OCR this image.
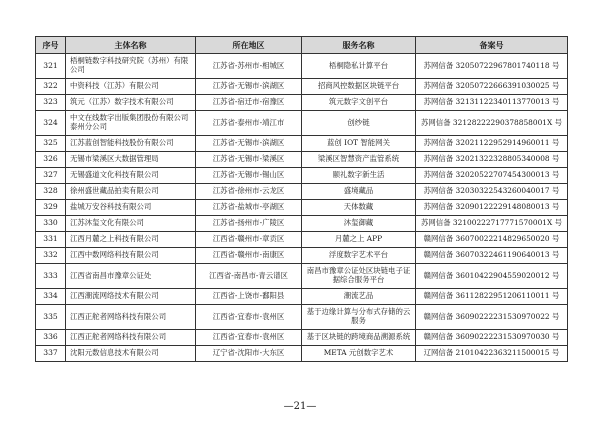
序号	主体名称	所在地区	服务名称	备案号
321	梧桐链数字科技研究院（苏州）有限公司	江苏省-苏州市-相城区	梧桐隐私计算平台	苏网信备 32050722967801740118 号
322	中资科技（江苏）有限公司	江苏省-无锡市-滨湖区	招商风控数据区块链平台	苏网信备 32050722666391030025 号
323	筑元（江苏）数字技术有限公司	江苏省-宿迁市-宿豫区	筑元数字文创平台	苏网信备 32131122340113770013 号
324	中文在线数字出版集团股份有限公司泰州分公司	江苏省-泰州市-靖江市	创纱链	苏网信备 32128222290378858001X 号
325	江苏蓝创智能科技股份有限公司	江苏省-无锡市-滨湖区	蓝创 IOT 智能网关	苏网信备 32021122952914960011 号
326	无锡市梁溪区大数据管理局	江苏省-无锡市-梁溪区	梁溪区智慧资产监管系统	苏网信备 32021322328805340008 号
327	无锡盛道文化科技有限公司	江苏省-无锡市-锡山区	颐礼数字新生活	苏网信备 32020522707454300013 号
328	徐州盛世藏品拍卖有限公司	江苏省-徐州市-云龙区	盛境藏品	苏网信备 32030322543260040017 号
329	盐城万安谷科技有限公司	江苏省-盐城市-亭湖区	天体数藏	苏网信备 32090122229148080013 号
330	江苏沐玺文化有限公司	江苏省-扬州市-广陵区	沐玺御藏	苏网信备 32100222717771570001X 号
331	江西月麓之上科技有限公司	江西省-赣州市-章贡区	月麓之上 APP	赣网信备 36070022214829650020 号
332	江西中数网络科技有限公司	江西省-赣州市-南康区	浮度数字艺术平台	赣网信备 36070322461190640013 号
333	江西省南昌市豫章公证处	江西省-南昌市-青云谱区	南昌市豫章公证处区块链电子证据综合服务平台	赣网信备 36010422904559020012 号
334	江西潮流网络技术有限公司	江西省-上饶市-鄱阳县	潮流艺品	赣网信备 36112822951206110011 号
335	江西正舵者网络科技有限公司	江西省-宜春市-袁州区	基于边缘计算与分布式存储的云服务	赣网信备 36090222231530970022 号
336	江西正舵者网络科技有限公司	江西省-宜春市-袁州区	基于区块链的跨境商品溯源系统	赣网信备 36090222231530970030 号
337	沈阳元数信息技术有限公司	辽宁省-沈阳市-大东区	META 元创数字艺术	辽网信备 21010422363211500015 号
—21—
